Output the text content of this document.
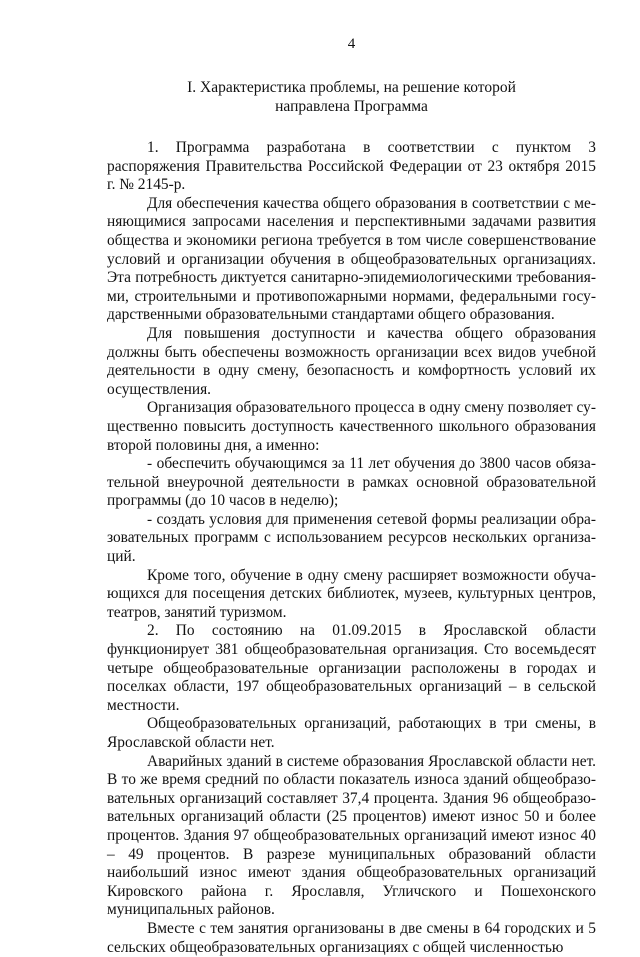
4
I. Характеристика проблемы, на решение которой
направлена Программа

1. Программа разработана в соответствии с пунктом 3 распоряжения Правительства Российской Федерации от 23 октября 2015 г. № 2145-р.

Для обеспечения качества общего образования в соответствии с меняющимися запросами населения и перспективными задачами развития общества и экономики региона требуется в том числе совершенствование условий и организации обучения в общеобразовательных организациях. Эта потребность диктуется санитарно-эпидемиологическими требованиями, строительными и противопожарными нормами, федеральными государственными образовательными стандартами общего образования.

Для повышения доступности и качества общего образования должны быть обеспечены возможность организации всех видов учебной деятельности в одну смену, безопасность и комфортность условий их осуществления.

Организация образовательного процесса в одну смену позволяет существенно повысить доступность качественного школьного образования второй половины дня, а именно:

- обеспечить обучающимся за 11 лет обучения до 3800 часов обязательной внеурочной деятельности в рамках основной образовательной программы (до 10 часов в неделю);

- создать условия для применения сетевой формы реализации образовательных программ с использованием ресурсов нескольких организаций.

Кроме того, обучение в одну смену расширяет возможности обучающихся для посещения детских библиотек, музеев, культурных центров, театров, занятий туризмом.

2. По состоянию на 01.09.2015 в Ярославской области функционирует 381 общеобразовательная организация. Сто восемьдесят четыре общеобразовательные организации расположены в городах и поселках области, 197 общеобразовательных организаций – в сельской местности.

Общеобразовательных организаций, работающих в три смены, в Ярославской области нет.

Аварийных зданий в системе образования Ярославской области нет. В то же время средний по области показатель износа зданий общеобразовательных организаций составляет 37,4 процента. Здания 96 общеобразовательных организаций области (25 процентов) имеют износ 50 и более процентов. Здания 97 общеобразовательных организаций имеют износ 40 – 49 процентов. В разрезе муниципальных образований области наибольший износ имеют здания общеобразовательных организаций Кировского района г. Ярославля, Угличского и Пошехонского муниципальных районов.

Вместе с тем занятия организованы в две смены в 64 городских и 5 сельских общеобразовательных организациях с общей численностью
